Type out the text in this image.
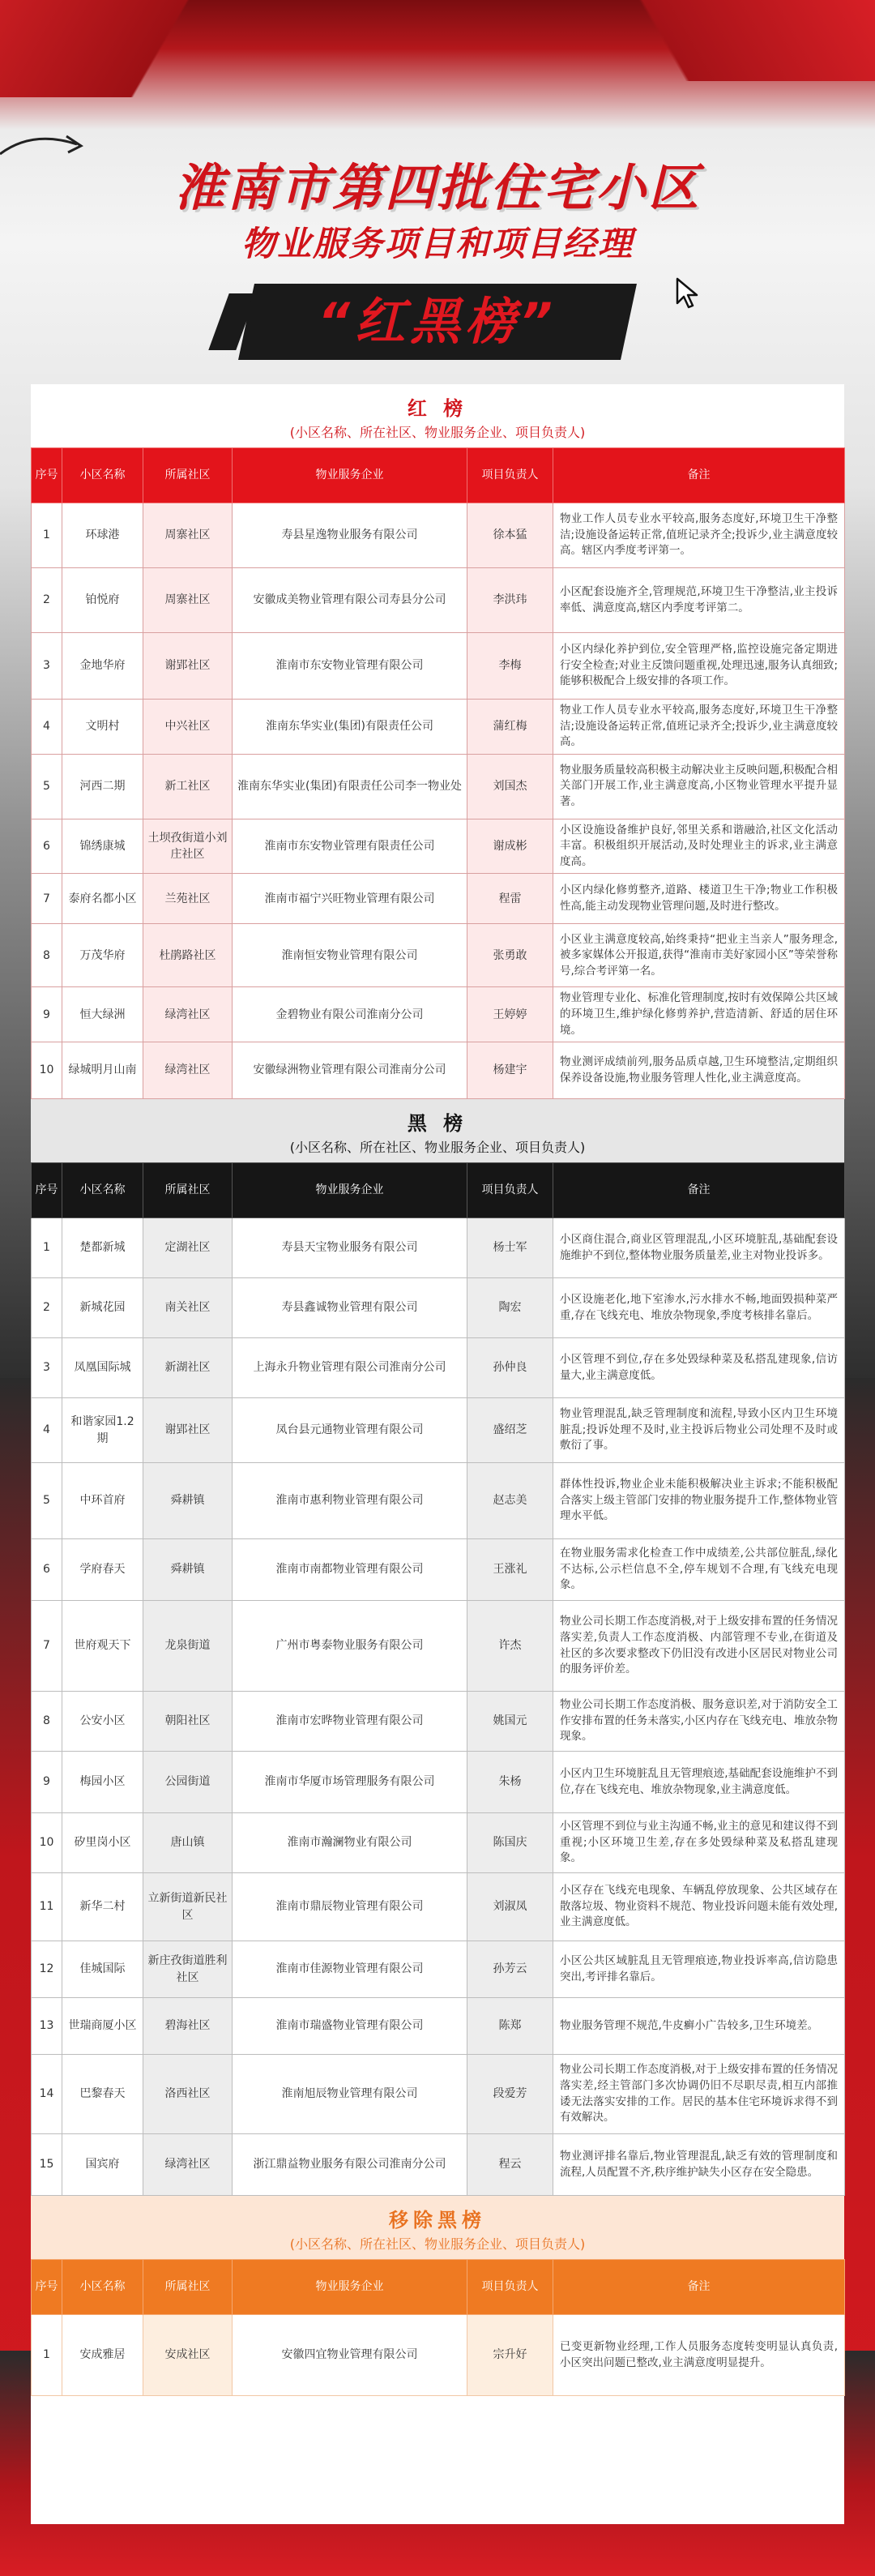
淮南市第四批住宅小区
物业服务项目和项目经理
“红黑榜”
红 榜
(小区名称、所在社区、物业服务企业、项目负责人)
序号	小区名称	所属社区	物业服务企业	项目负责人	备注
1	环球港	周寨社区	寿县星逸物业服务有限公司	徐本猛	物业工作人员专业水平较高,服务态度好,环境卫生干净整洁;设施设备运转正常,值班记录齐全;投诉少,业主满意度较高。辖区内季度考评第一。
2	铂悦府	周寨社区	安徽成美物业管理有限公司寿县分公司	李洪玮	小区配套设施齐全,管理规范,环境卫生干净整洁,业主投诉率低、满意度高,辖区内季度考评第二。
3	金地华府	谢郢社区	淮南市东安物业管理有限公司	李梅	小区内绿化养护到位,安全管理严格,监控设施完备定期进行安全检查;对业主反馈问题重视,处理迅速,服务认真细致;能够积极配合上级安排的各项工作。
4	文明村	中兴社区	淮南东华实业(集团)有限责任公司	蒲红梅	物业工作人员专业水平较高,服务态度好,环境卫生干净整洁;设施设备运转正常,值班记录齐全;投诉少,业主满意度较高。
5	河西二期	新工社区	淮南东华实业(集团)有限责任公司李一物业处	刘国杰	物业服务质量较高积极主动解决业主反映问题,积极配合相关部门开展工作,业主满意度高,小区物业管理水平提升显著。
6	锦绣康城	土坝孜街道小刘庄社区	淮南市东安物业管理有限责任公司	谢成彬	小区设施设备维护良好,邻里关系和谐融洽,社区文化活动丰富。积极组织开展活动,及时处理业主的诉求,业主满意度高。
7	泰府名都小区	兰苑社区	淮南市福宁兴旺物业管理有限公司	程雷	小区内绿化修剪整齐,道路、楼道卫生干净;物业工作积极性高,能主动发现物业管理问题,及时进行整改。
8	万茂华府	杜鹃路社区	淮南恒安物业管理有限公司	张勇敢	小区业主满意度较高,始终秉持“把业主当亲人”服务理念,被多家媒体公开报道,获得“淮南市美好家园小区”等荣誉称号,综合考评第一名。
9	恒大绿洲	绿湾社区	金碧物业有限公司淮南分公司	王婷婷	物业管理专业化、标准化管理制度,按时有效保障公共区域的环境卫生,维护绿化修剪养护,营造清新、舒适的居住环境。
10	绿城明月山南	绿湾社区	安徽绿洲物业管理有限公司淮南分公司	杨建宇	物业测评成绩前列,服务品质卓越,卫生环境整洁,定期组织保养设备设施,物业服务管理人性化,业主满意度高。
黑 榜
(小区名称、所在社区、物业服务企业、项目负责人)
序号	小区名称	所属社区	物业服务企业	项目负责人	备注
1	楚都新城	定湖社区	寿县天宝物业服务有限公司	杨士军	小区商住混合,商业区管理混乱,小区环境脏乱,基础配套设施维护不到位,整体物业服务质量差,业主对物业投诉多。
2	新城花园	南关社区	寿县鑫诚物业管理有限公司	陶宏	小区设施老化,地下室渗水,污水排水不畅,地面毁损种菜严重,存在飞线充电、堆放杂物现象,季度考核排名靠后。
3	凤凰国际城	新湖社区	上海永升物业管理有限公司淮南分公司	孙仲良	小区管理不到位,存在多处毁绿种菜及私搭乱建现象,信访量大,业主满意度低。
4	和谐家园1.2期	谢郢社区	凤台县元通物业管理有限公司	盛绍芝	物业管理混乱,缺乏管理制度和流程,导致小区内卫生环境脏乱;投诉处理不及时,业主投诉后物业公司处理不及时或敷衍了事。
5	中环首府	舜耕镇	淮南市惠利物业管理有限公司	赵志美	群体性投诉,物业企业未能积极解决业主诉求;不能积极配合落实上级主管部门安排的物业服务提升工作,整体物业管理水平低。
6	学府春天	舜耕镇	淮南市南都物业管理有限公司	王涨礼	在物业服务需求化检查工作中成绩差,公共部位脏乱,绿化不达标,公示栏信息不全,停车规划不合理,有飞线充电现象。
7	世府观天下	龙泉街道	广州市粤泰物业服务有限公司	许杰	物业公司长期工作态度消极,对于上级安排布置的任务情况落实差,负责人工作态度消极、内部管理不专业,在街道及社区的多次要求整改下仍旧没有改进小区居民对物业公司的服务评价差。
8	公安小区	朝阳社区	淮南市宏晔物业管理有限公司	姚国元	物业公司长期工作态度消极、服务意识差,对于消防安全工作安排布置的任务未落实,小区内存在飞线充电、堆放杂物现象。
9	梅园小区	公园街道	淮南市华厦市场管理服务有限公司	朱杨	小区内卫生环境脏乱且无管理痕迹,基础配套设施维护不到位,存在飞线充电、堆放杂物现象,业主满意度低。
10	矽里岗小区	唐山镇	淮南市瀚澜物业有限公司	陈国庆	小区管理不到位与业主沟通不畅,业主的意见和建议得不到重视;小区环境卫生差,存在多处毁绿种菜及私搭乱建现象。
11	新华二村	立新街道新民社区	淮南市鼎辰物业管理有限公司	刘淑凤	小区存在飞线充电现象、车辆乱停放现象、公共区域存在散落垃圾、物业资料不规范、物业投诉问题未能有效处理,业主满意度低。
12	佳城国际	新庄孜街道胜利社区	淮南市佳源物业管理有限公司	孙芳云	小区公共区域脏乱且无管理痕迹,物业投诉率高,信访隐患突出,考评排名靠后。
13	世瑞商厦小区	碧海社区	淮南市瑞盛物业管理有限公司	陈郑	物业服务管理不规范,牛皮癣小广告较多,卫生环境差。
14	巴黎春天	洛西社区	淮南旭辰物业管理有限公司	段爱芳	物业公司长期工作态度消极,对于上级安排布置的任务情况落实差,经主管部门多次协调仍旧不尽职尽责,相互内部推诿无法落实安排的工作。居民的基本住宅环境诉求得不到有效解决。
15	国宾府	绿湾社区	浙江鼎益物业服务有限公司淮南分公司	程云	物业测评排名靠后,物业管理混乱,缺乏有效的管理制度和流程,人员配置不齐,秩序维护缺失小区存在安全隐患。
移除黑榜
(小区名称、所在社区、物业服务企业、项目负责人)
序号	小区名称	所属社区	物业服务企业	项目负责人	备注
1	安成雅居	安成社区	安徽四宜物业管理有限公司	宗升好	已变更新物业经理,工作人员服务态度转变明显认真负责,小区突出问题已整改,业主满意度明显提升。
